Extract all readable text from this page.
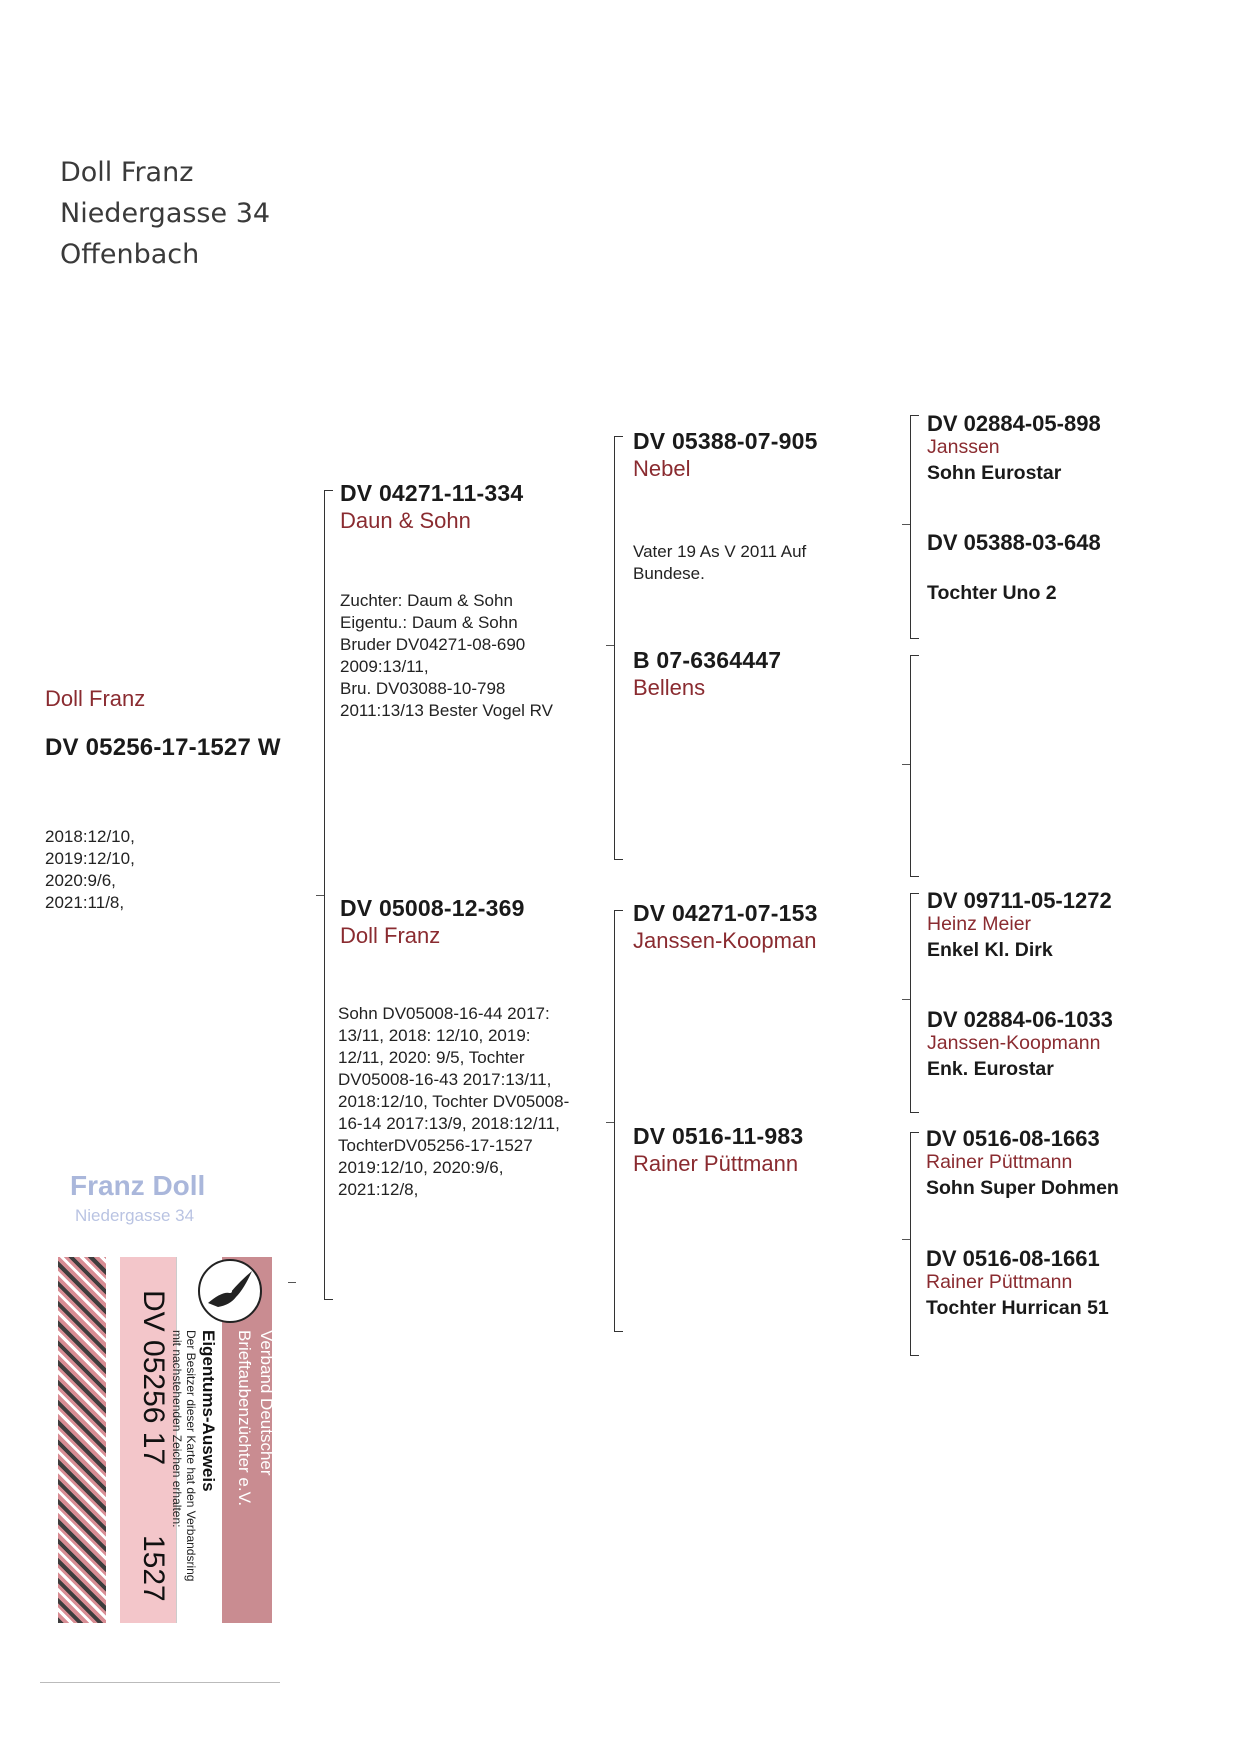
Doll Franz
Niedergasse 34
Offenbach
Doll Franz
DV 05256-17-1527 W
2018:12/10,
2019:12/10,
2020:9/6,
2021:11/8,
DV 04271-11-334
Daun & Sohn
Zuchter: Daum & Sohn
Eigentu.: Daum & Sohn
Bruder DV04271-08-690
2009:13/11,
Bru. DV03088-10-798
2011:13/13 Bester Vogel RV
DV 05008-12-369
Doll Franz
Sohn DV05008-16-44 2017:
13/11, 2018: 12/10, 2019:
12/11, 2020: 9/5, Tochter
DV05008-16-43 2017:13/11,
2018:12/10, Tochter DV05008-
16-14 2017:13/9, 2018:12/11,
TochterDV05256-17-1527
2019:12/10, 2020:9/6,
2021:12/8,
DV 05388-07-905
Nebel
Vater 19 As V 2011 Auf
Bundese.
B 07-6364447
Bellens
DV 04271-07-153
Janssen-Koopman
DV 0516-11-983
Rainer Püttmann
DV 02884-05-898
Janssen
Sohn Eurostar
DV 05388-03-648
Tochter Uno 2
DV 09711-05-1272
Heinz Meier
Enkel Kl. Dirk
DV 02884-06-1033
Janssen-Koopmann
Enk. Eurostar
DV 0516-08-1663
Rainer Püttmann
Sohn Super Dohmen
DV 0516-08-1661
Rainer Püttmann
Tochter Hurrican 51
Franz Doll
Niedergasse 34
Verband Deutscher
Brieftaubenzüchter e.V.
Eigentums-Ausweis
Der Besitzer dieser Karte hat den Verbandsring
mit nachstehenden Zeichen erhalten:
DV 05256 17
1527
